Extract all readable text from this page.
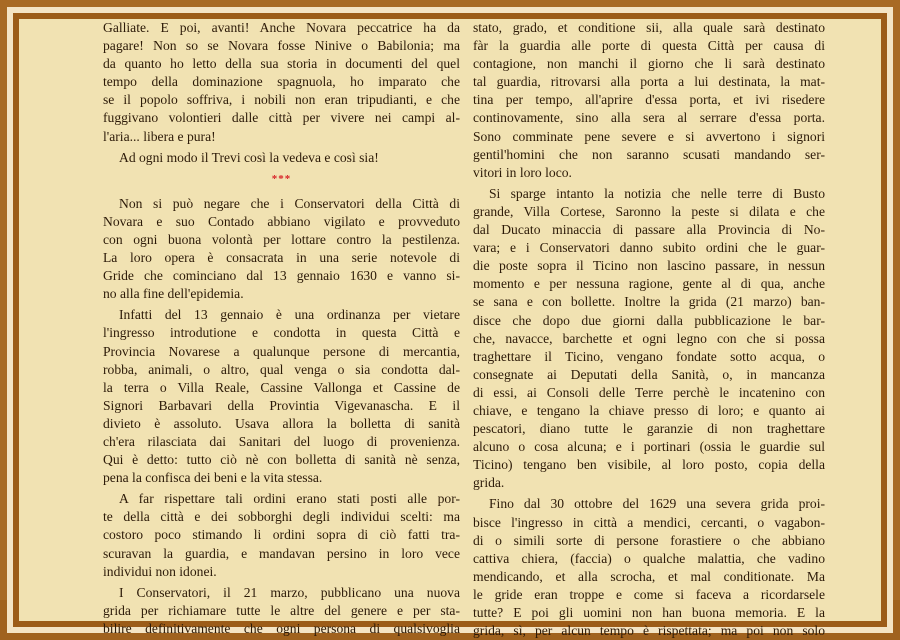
Galliate. E poi, avanti! Anche Novara peccatrice ha da
pagare! Non so se Novara fosse Ninive o Babilonia; ma
da quanto ho letto della sua storia in documenti del quel
tempo della dominazione spagnuola, ho imparato che
se il popolo soffriva, i nobili non eran tripudianti, e che
fuggivano volontieri dalle città per vivere nei campi al-
l'aria... libera e pura!
Ad ogni modo il Trevi così la vedeva e così sia!
***
Non si può negare che i Conservatori della Città di
Novara e suo Contado abbiano vigilato e provveduto
con ogni buona volontà per lottare contro la pestilenza.
La loro opera è consacrata in una serie notevole di
Gride che cominciano dal 13 gennaio 1630 e vanno si-
no alla fine dell'epidemia.
Infatti del 13 gennaio è una ordinanza per vietare
l'ingresso introdutione e condotta in questa Città e
Provincia Novarese a qualunque persone di mercantia,
robba, animali, o altro, qual venga o sia condotta dal-
la terra o Villa Reale, Cassine Vallonga et Cassine de
Signori Barbavari della Provintia Vigevanascha. E il
divieto è assoluto. Usava allora la bolletta di sanità
ch'era rilasciata dai Sanitari del luogo di provenienza.
Qui è detto: tutto ciò nè con bolletta di sanità nè senza,
pena la confisca dei beni e la vita stessa.
A far rispettare tali ordini erano stati posti alle por-
te della città e dei sobborghi degli individui scelti: ma
costoro poco stimando li ordini sopra di ciò fatti tra-
scuravan la guardia, e mandavan persino in loro vece
individui non idonei.
I Conservatori, il 21 marzo, pubblicano una nuova
grida per richiamare tutte le altre del genere e per sta-
bilire definitivamente che ogni persona di qualsivoglia
stato, grado, et conditione sii, alla quale sarà destinato
fàr la guardia alle porte di questa Città per causa di
contagione, non manchi il giorno che li sarà destinato
tal guardia, ritrovarsi alla porta a lui destinata, la mat-
tina per tempo, all'aprire d'essa porta, et ivi risedere
continovamente, sino alla sera al serrare d'essa porta.
Sono comminate pene severe e si avvertono i signori
gentil'homini che non saranno scusati mandando ser-
vitori in loro loco.
Si sparge intanto la notizia che nelle terre di Busto
grande, Villa Cortese, Saronno la peste si dilata e che
dal Ducato minaccia di passare alla Provincia di No-
vara; e i Conservatori danno subito ordini che le guar-
die poste sopra il Ticino non lascino passare, in nessun
momento e per nessuna ragione, gente al di qua, anche
se sana e con bollette. Inoltre la grida (21 marzo) ban-
disce che dopo due giorni dalla pubblicazione le bar-
che, navacce, barchette et ogni legno con che si possa
traghettare il Ticino, vengano fondate sotto acqua, o
consegnate ai Deputati della Sanità, o, in mancanza
di essi, ai Consoli delle Terre perchè le incatenino con
chiave, e tengano la chiave presso di loro; e quanto ai
pescatori, diano tutte le garanzie di non traghettare
alcuno o cosa alcuna; e i portinari (ossia le guardie sul
Ticino) tengano ben visibile, al loro posto, copia della
grida.
Fino dal 30 ottobre del 1629 una severa grida proi-
bisce l'ingresso in città a mendici, cercanti, o vagabon-
di o simili sorte di persone forastiere o che abbiano
cattiva chiera, (faccia) o qualche malattia, che vadino
mendicando, et alla scrocha, et mal conditionate. Ma
le gride eran troppe e come si faceva a ricordarsele
tutte? E poi gli uomini non han buona memoria. E la
grida, sì, per alcun tempo è rispettata; ma poi non solo
